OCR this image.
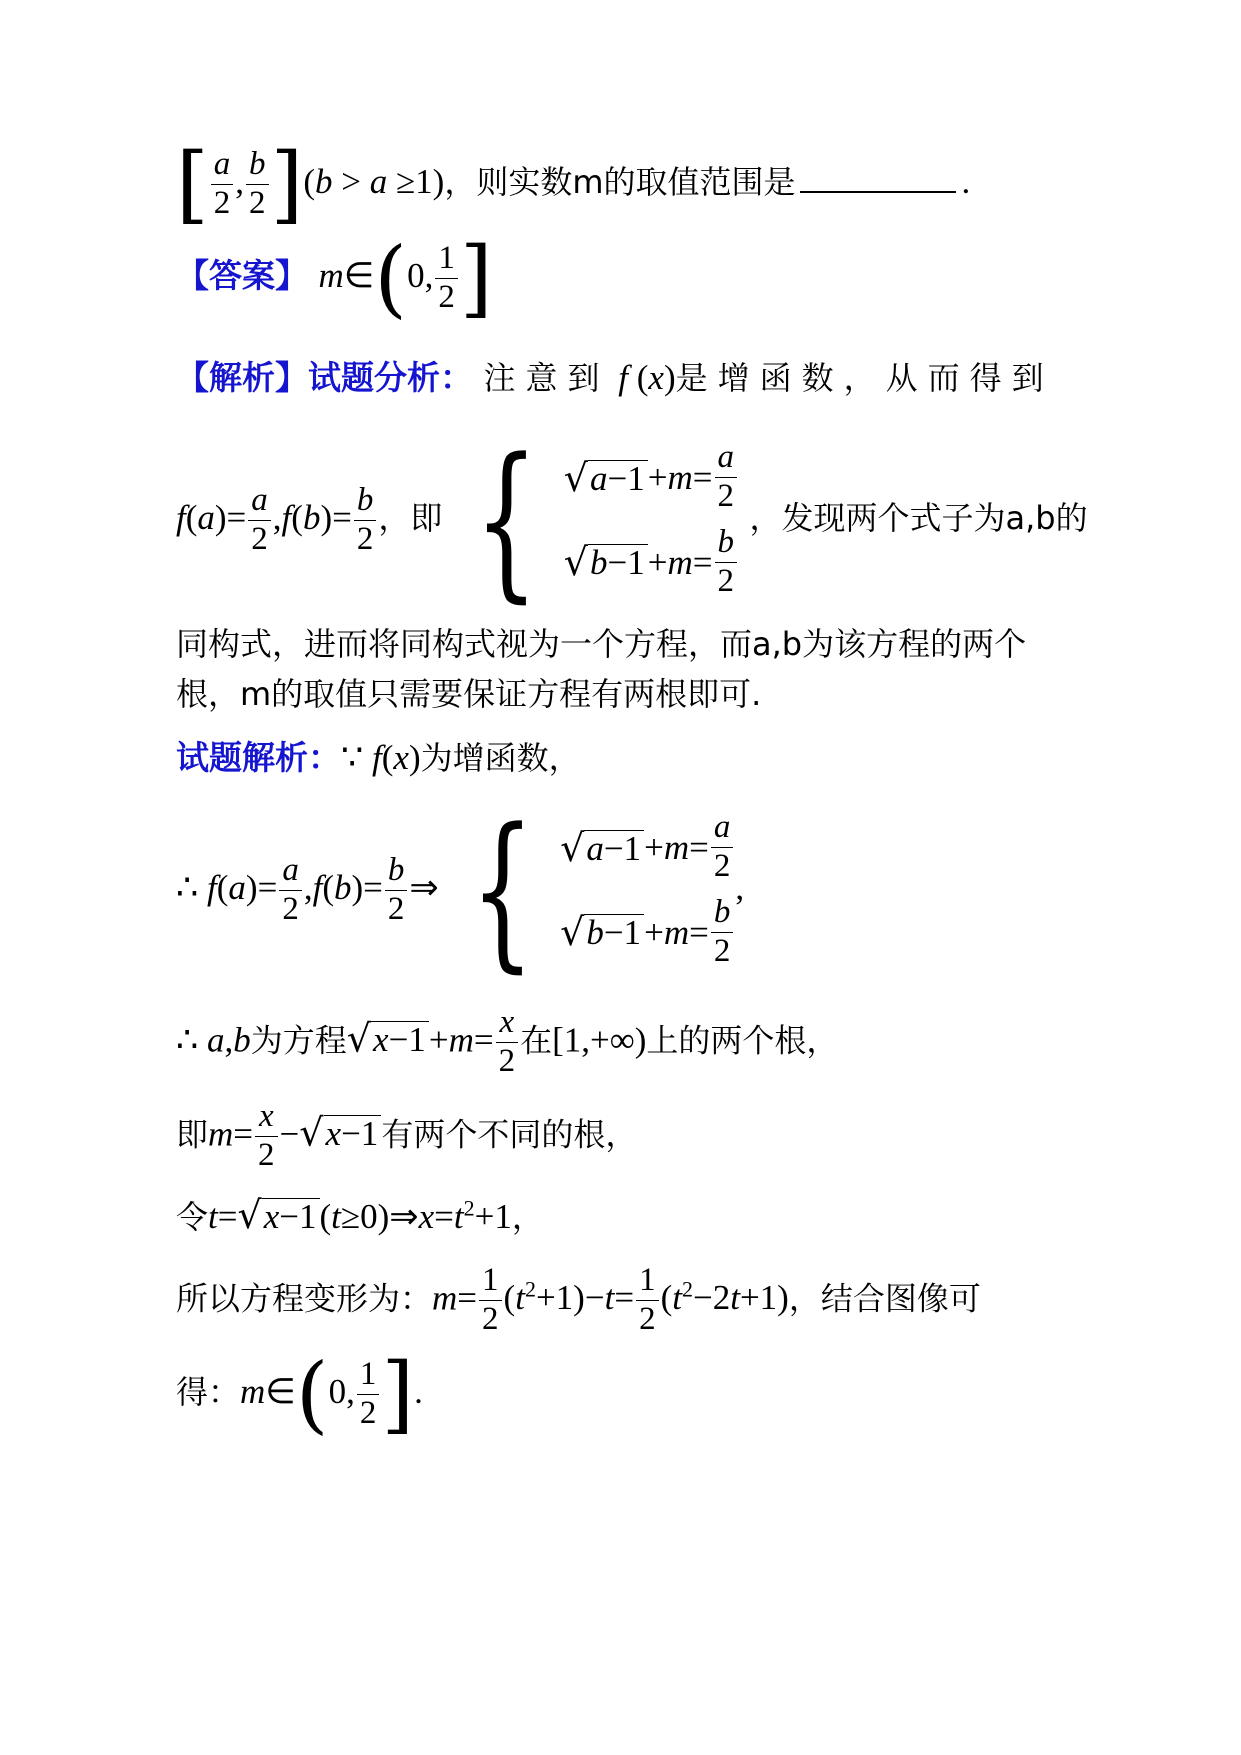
[ $\frac{a}{2}$ , $\frac{b}{2} ](b > a \ge 1)$，则实数m的取值范围是	.
【答案】 m∈(0, $\frac{1}{2}$ ]
【解析】试题分析： 注意到 f (x)是增函数，从而得到
$f(a)= \frac{a}{2} ,f(b)= \frac{b}{2}$ ，即 { √ $a-1 +m= \frac{a}{2}$
√ $b-1 +m= \frac{b}{2}$
，发现两个式子为a,b的
同构式，进而将同构式视为一个方程，而a,b为该方程的两个
根，m的取值只需要保证方程有两根即可.
试题解析：∵ f(x)为增函数，
∴ $f(a)= \frac{a}{2} ,f(b)= \frac{b}{2}$ ⇒ { √ $a-1 +m= \frac{a}{2}$
√ $b-1 +m= \frac{b}{2}$
,
∴ a,b为方程$√x-1+m= \frac{x}{2}$ 在[1,+∞)上的两个根，
即$m= \frac{x}{2} -√x-1$有两个不同的根，
令$t=√x-1(t\ge 0)\Rightarrow x=t^2+1$，
所以方程变形为：$m= \frac{1}{2} (t^2+1)-t= \frac{1}{2} (t^2-2t+1)$，结合图像可
得：m∈(0, $\frac{1}{2}$ ].
